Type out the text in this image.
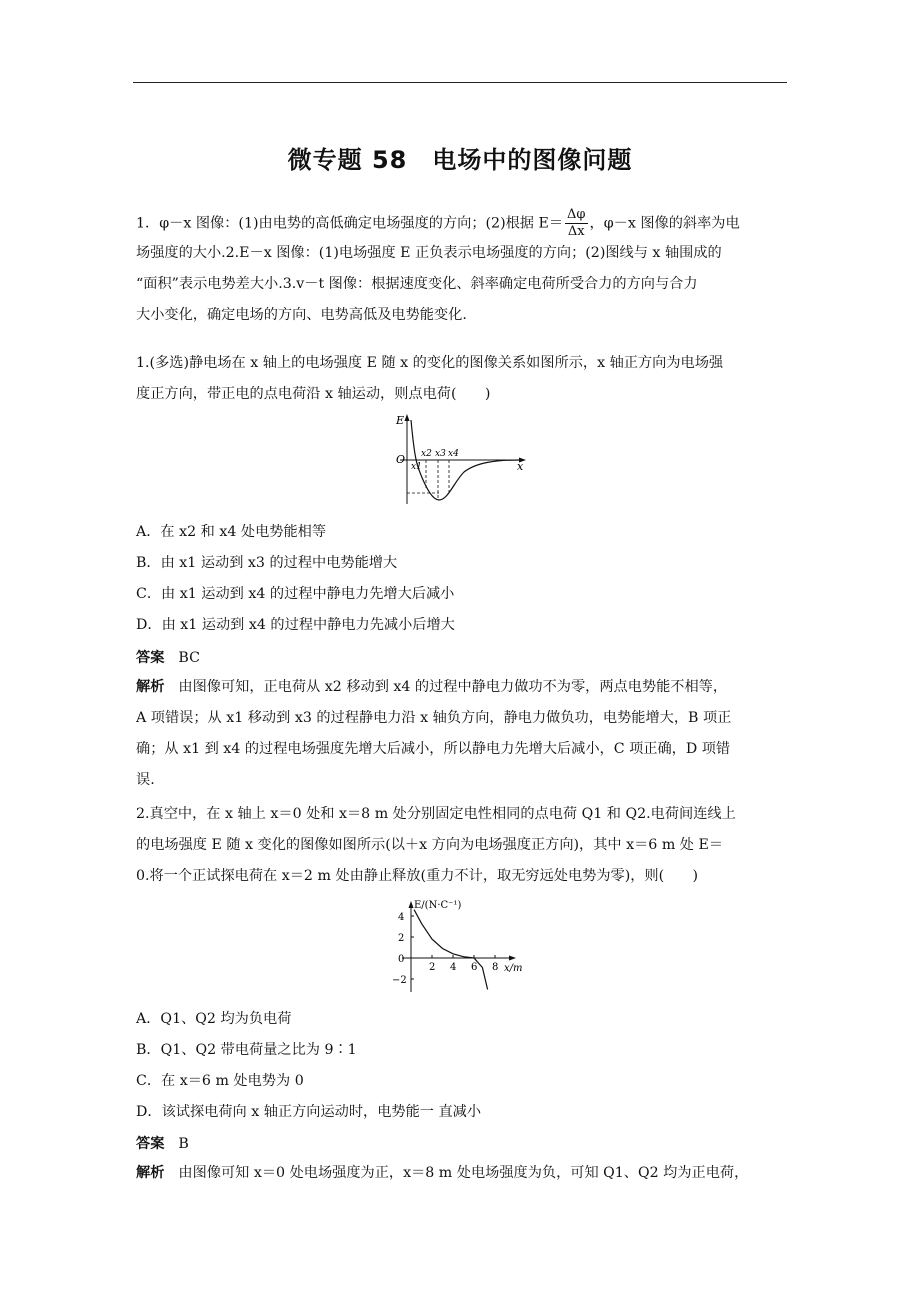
微专题 58　电场中的图像问题
1．φ－x 图像：(1)由电势的高低确定电场强度的方向；(2)根据 $E= \frac{\Delta\varphi}{\Delta x}$ ，φ－x 图像的斜率为电
场强度的大小.2.E－x 图像：(1)电场强度 E 正负表示电场强度的方向；(2)图线与 x 轴围成的
“面积”表示电势差大小.3.v－t 图像：根据速度变化、斜率确定电荷所受合力的方向与合力
大小变化，确定电场的方向、电势高低及电势能变化.
1.(多选)静电场在 x 轴上的电场强度 E 随 x 的变化的图像关系如图所示，x 轴正方向为电场强
度正方向，带正电的点电荷沿 x 轴运动，则点电荷(　　)
E
x
O
x1
x2 x3 x4
A．在 x2 和 x4 处电势能相等
B．由 x1 运动到 x3 的过程中电势能增大
C．由 x1 运动到 x4 的过程中静电力先增大后减小
D．由 x1 运动到 x4 的过程中静电力先减小后增大
答案 BC
解析 由图像可知，正电荷从 x2 移动到 x4 的过程中静电力做功不为零，两点电势能不相等，
A 项错误；从 x1 移动到 x3 的过程静电力沿 x 轴负方向，静电力做负功，电势能增大，B 项正
确；从 x1 到 x4 的过程电场强度先增大后减小，所以静电力先增大后减小，C 项正确，D 项错
误.
2.真空中，在 x 轴上 x＝0 处和 x＝8 m 处分别固定电性相同的点电荷 Q1 和 Q2.电荷间连线上
的电场强度 E 随 x 变化的图像如图所示(以＋x 方向为电场强度正方向)，其中 x＝6 m 处 E＝
0.将一个正试探电荷在 x＝2 m 处由静止释放(重力不计，取无穷远处电势为零)，则(　　)
E/(N·C⁻¹)
x/m
2 4 6 8
4
2
0
−2
A．Q1、Q2 均为负电荷
B．Q1、Q2 带电荷量之比为 9∶1
C．在 x＝6 m 处电势为 0
D．该试探电荷向 x 轴正方向运动时，电势能一 直减小
答案 B
解析 由图像可知 x＝0 处电场强度为正，x＝8 m 处电场强度为负，可知 Q1、Q2 均为正电荷，
